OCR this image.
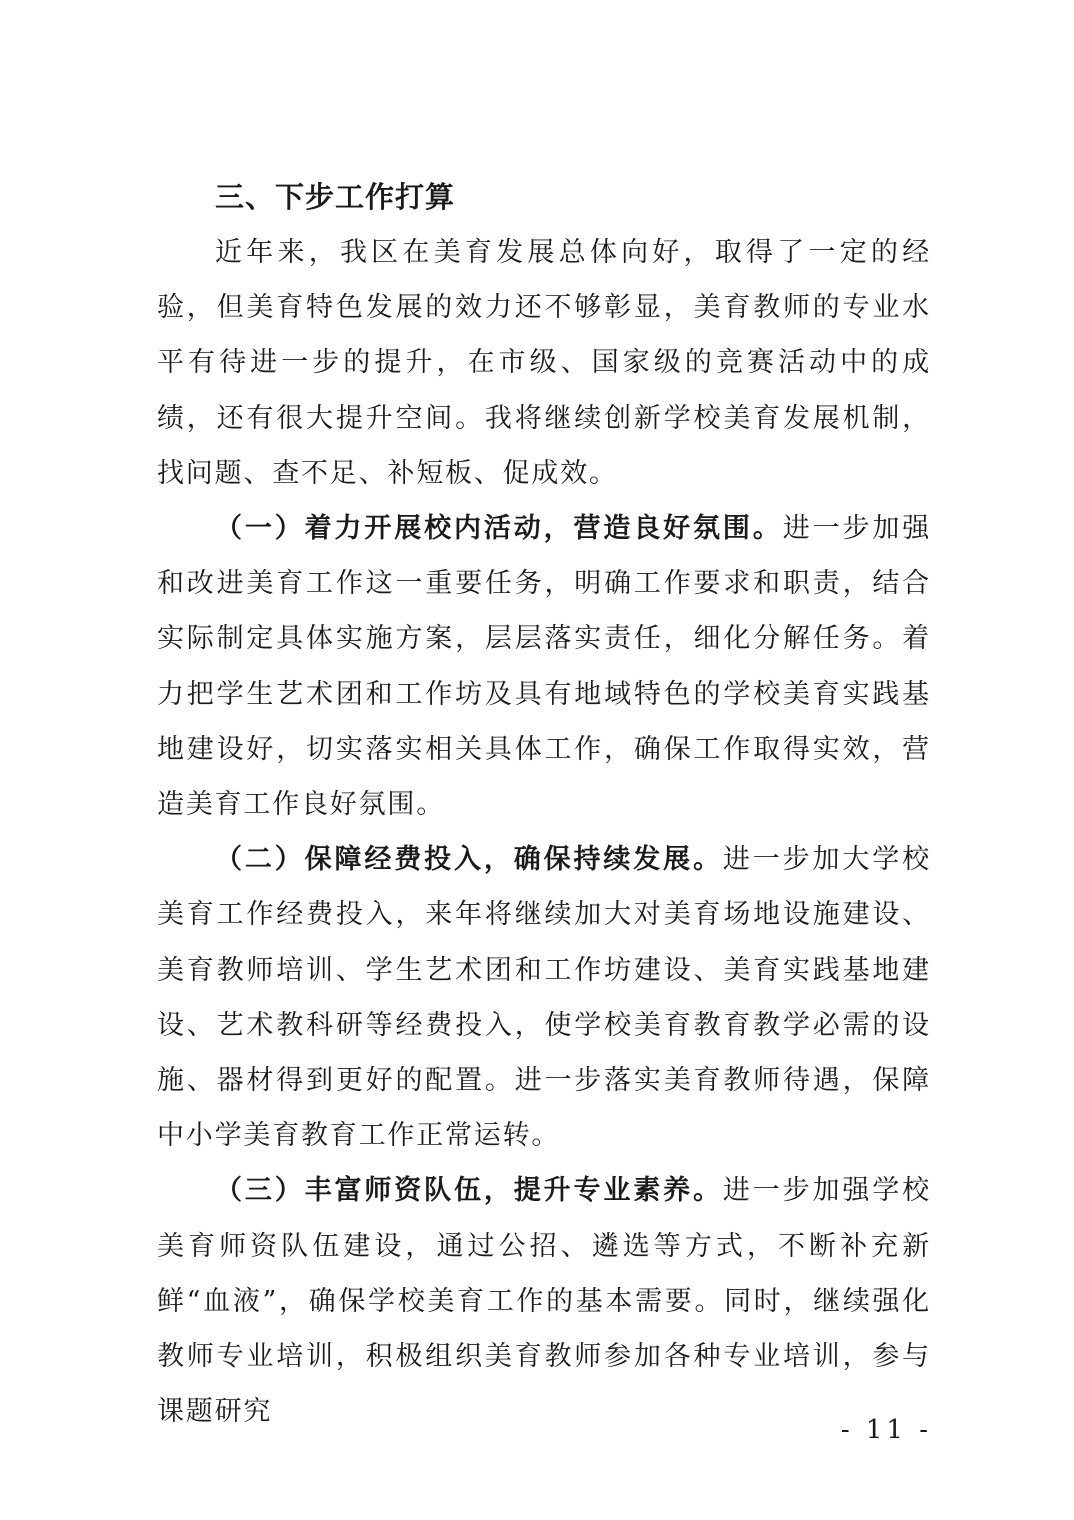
三、下步工作打算

近年来，我区在美育发展总体向好，取得了一定的经验，但美育特色发展的效力还不够彰显，美育教师的专业水平有待进一步的提升，在市级、国家级的竞赛活动中的成绩，还有很大提升空间。我将继续创新学校美育发展机制，找问题、查不足、补短板、促成效。

（一）着力开展校内活动，营造良好氛围。进一步加强和改进美育工作这一重要任务，明确工作要求和职责，结合实际制定具体实施方案，层层落实责任，细化分解任务。着力把学生艺术团和工作坊及具有地域特色的学校美育实践基地建设好，切实落实相关具体工作，确保工作取得实效，营造美育工作良好氛围。

（二）保障经费投入，确保持续发展。进一步加大学校美育工作经费投入，来年将继续加大对美育场地设施建设、美育教师培训、学生艺术团和工作坊建设、美育实践基地建设、艺术教科研等经费投入，使学校美育教育教学必需的设施、器材得到更好的配置。进一步落实美育教师待遇，保障中小学美育教育工作正常运转。

（三）丰富师资队伍，提升专业素养。进一步加强学校美育师资队伍建设，通过公招、遴选等方式，不断补充新鲜“血液”，确保学校美育工作的基本需要。同时，继续强化教师专业培训，积极组织美育教师参加各种专业培训，参与课题研究

- 11 -
